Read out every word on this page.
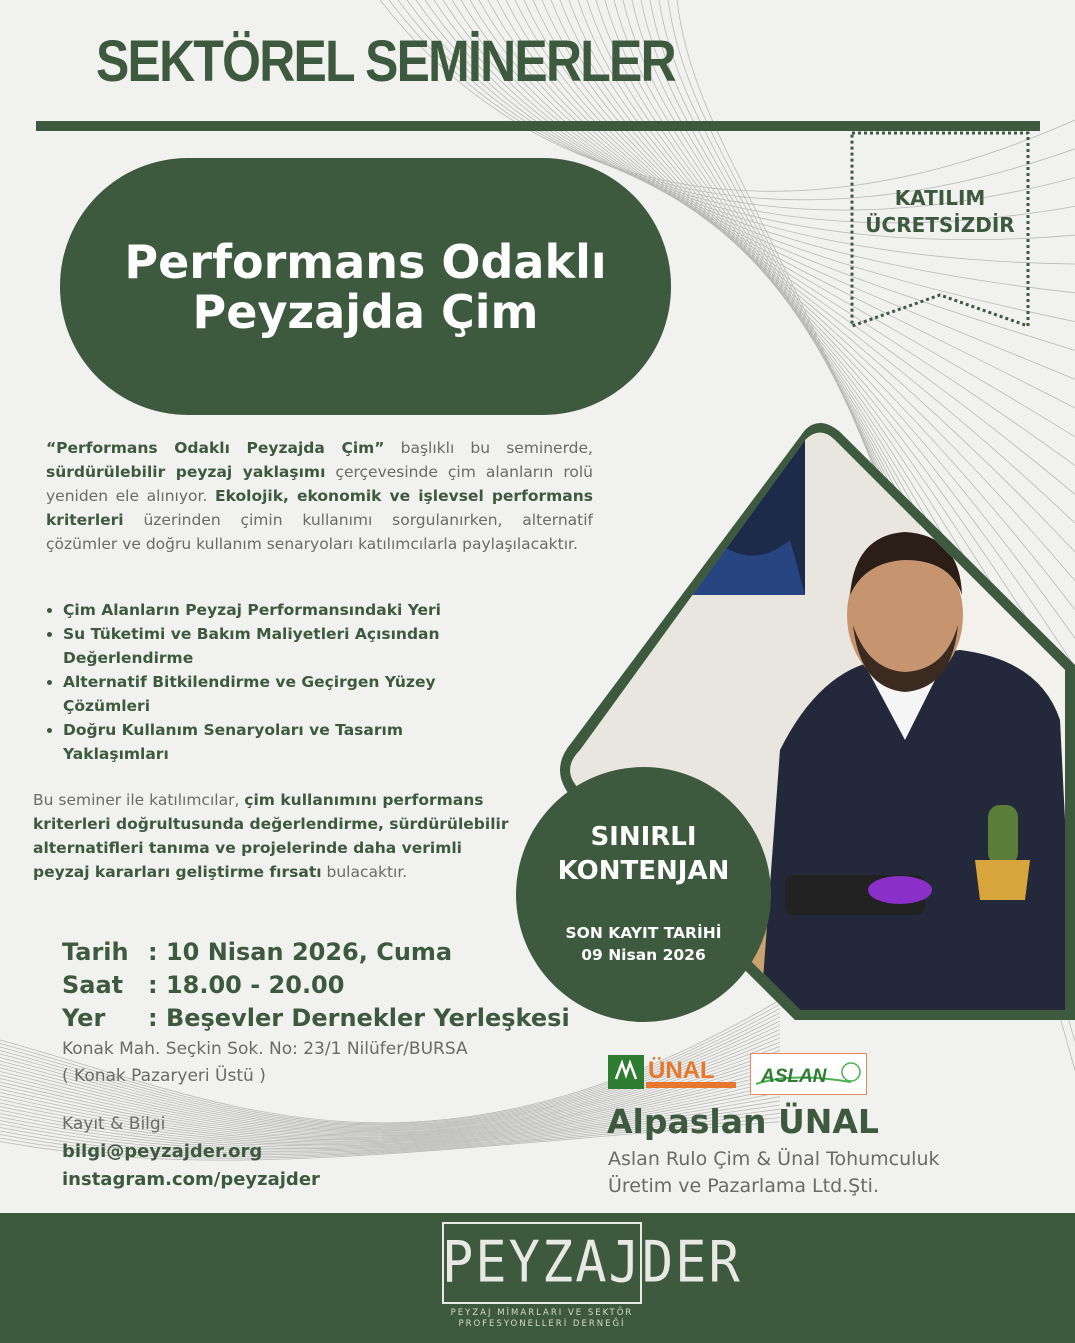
SEKTÖREL SEMİNERLER
KATILIM
ÜCRETSİZDİR
Performans Odaklı
Peyzajda Çim
“Performans Odaklı Peyzajda Çim” başlıklı bu seminerde, sürdürülebilir peyzaj yaklaşımı çerçevesinde çim alanların rolü yeniden ele alınıyor. Ekolojik, ekonomik ve işlevsel performans kriterleri üzerinden çimin kullanımı sorgulanırken, alternatif çözümler ve doğru kullanım senaryoları katılımcılarla paylaşılacaktır.
Çim Alanların Peyzaj Performansındaki Yeri
Su Tüketimi ve Bakım Maliyetleri Açısından Değerlendirme
Alternatif Bitkilendirme ve Geçirgen Yüzey Çözümleri
Doğru Kullanım Senaryoları ve Tasarım Yaklaşımları
Bu seminer ile katılımcılar, çim kullanımını performans kriterleri doğrultusunda değerlendirme, sürdürülebilir alternatifleri tanıma ve projelerinde daha verimli peyzaj kararları geliştirme fırsatı bulacaktır.
Tarih : 10 Nisan 2026, Cuma
Saat : 18.00 - 20.00
Yer : Beşevler Dernekler Yerleşkesi
Konak Mah. Seçkin Sok. No: 23/1 Nilüfer/BURSA
( Konak Pazaryeri Üstü )
Kayıt & Bilgi
bilgi@peyzajder.org
instagram.com/peyzajder
SINIRLI
KONTENJAN
SON KAYIT TARİHİ
09 Nisan 2026
ÜNAL ASLAN
Alpaslan ÜNAL
Aslan Rulo Çim & Ünal Tohumculuk
Üretim ve Pazarlama Ltd.Şti.
PEYZAJDER
PEYZAJ MİMARLARI VE SEKTÖR
PROFESYONELLERİ DERNEĞİ
